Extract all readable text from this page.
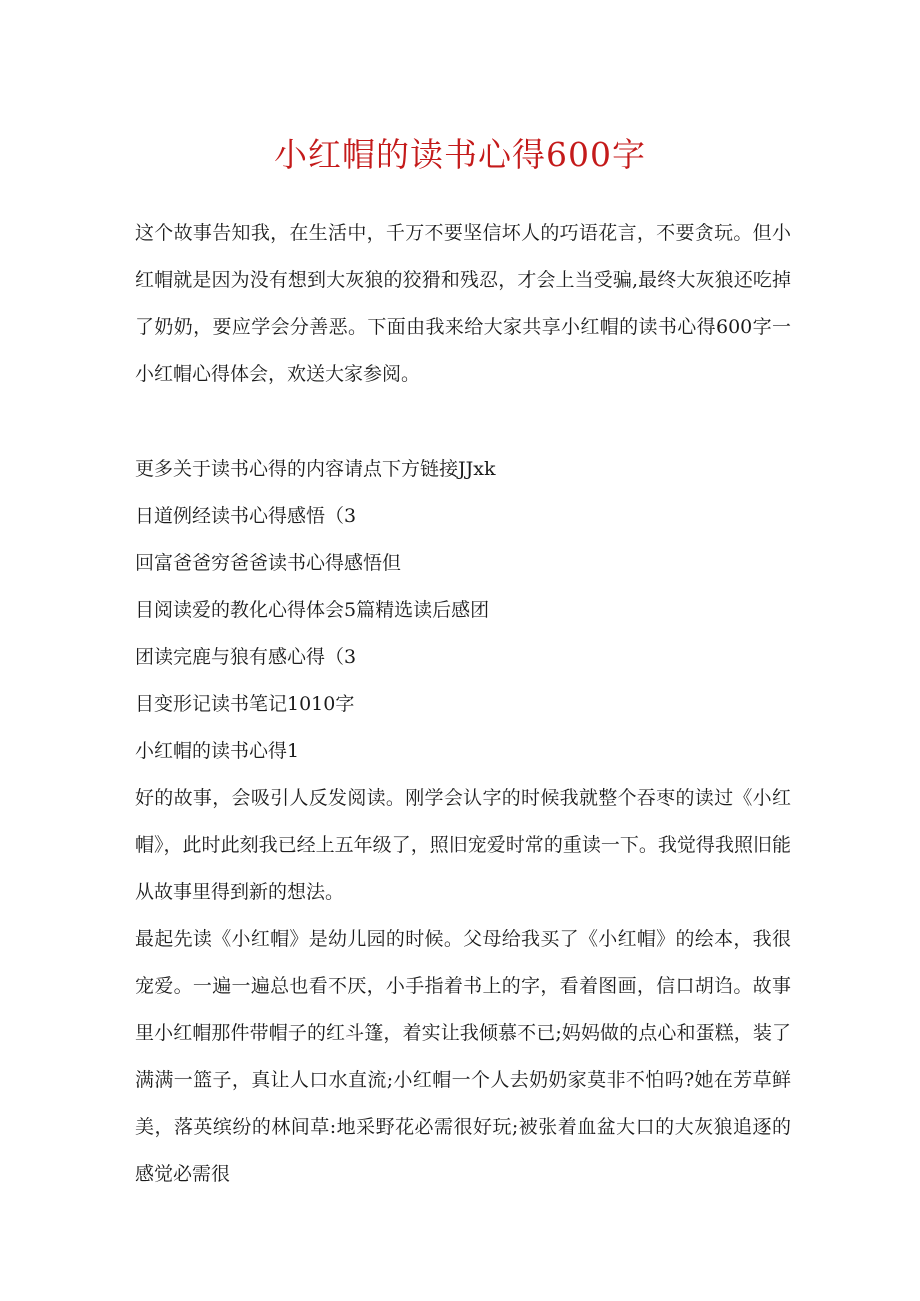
小红帽的读书心得600字

这个故事告知我，在生活中，千万不要坚信坏人的巧语花言，不要贪玩。但小红帽就是因为没有想到大灰狼的狡猾和残忍，才会上当受骗,最终大灰狼还吃掉了奶奶，要应学会分善恶。下面由我来给大家共享小红帽的读书心得600字一小红帽心得体会，欢送大家参阅。

更多关于读书心得的内容请点下方链接JJxk

日道例经读书心得感悟（3

回富爸爸穷爸爸读书心得感悟但

目阅读爱的教化心得体会5篇精选读后感团

团读完鹿与狼有感心得（3

目变形记读书笔记1010字

小红帽的读书心得1

好的故事，会吸引人反发阅读。刚学会认字的时候我就整个吞枣的读过《小红帽》，此时此刻我已经上五年级了，照旧宠爱时常的重读一下。我觉得我照旧能从故事里得到新的想法。

最起先读《小红帽》是幼儿园的时候。父母给我买了《小红帽》的绘本，我很宠爱。一遍一遍总也看不厌，小手指着书上的字，看着图画，信口胡诌。故事里小红帽那件带帽子的红斗篷，着实让我倾慕不已;妈妈做的点心和蛋糕，装了满满一篮子，真让人口水直流;小红帽一个人去奶奶家莫非不怕吗?她在芳草鲜美，落英缤纷的林间草:地采野花必需很好玩;被张着血盆大口的大灰狼追逐的感觉必需很
